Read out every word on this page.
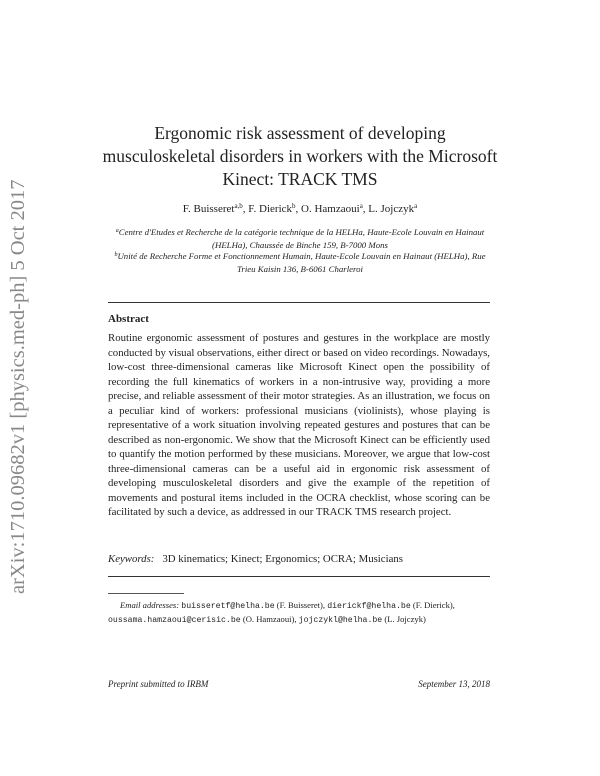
arXiv:1710.09682v1 [physics.med-ph] 5 Oct 2017
Ergonomic risk assessment of developing
musculoskeletal disorders in workers with the Microsoft
Kinect: TRACK TMS
F. Buisseret$^{a,b}$, F. Dierick$^b$, O. Hamzaoui$^a$, L. Jojczyk$^a$
$^a$Centre d'Etudes et Recherche de la catégorie technique de la HELHa, Haute-Ecole Louvain en Hainaut (HELHa), Chaussée de Binche 159, B-7000 Mons
$^b$Unité de Recherche Forme et Fonctionnement Humain, Haute-Ecole Louvain en Hainaut (HELHa), Rue Trieu Kaisin 136, B-6061 Charleroi
Abstract
Routine ergonomic assessment of postures and gestures in the workplace are mostly conducted by visual observations, either direct or based on video recordings. Nowadays, low-cost three-dimensional cameras like Microsoft Kinect open the possibility of recording the full kinematics of workers in a non-intrusive way, providing a more precise, and reliable assessment of their motor strategies. As an illustration, we focus on a peculiar kind of workers: professional musicians (violinists), whose playing is representative of a work situation involving repeated gestures and postures that can be described as non-ergonomic. We show that the Microsoft Kinect can be efficiently used to quantify the motion performed by these musicians. Moreover, we argue that low-cost three-dimensional cameras can be a useful aid in ergonomic risk assessment of developing musculoskeletal disorders and give the example of the repetition of movements and postural items included in the OCRA checklist, whose scoring can be facilitated by such a device, as addressed in our TRACK TMS research project.
Keywords: 3D kinematics; Kinect; Ergonomics; OCRA; Musicians
Email addresses: buisseretf@helha.be (F. Buisseret), dierickf@helha.be (F. Dierick), oussama.hamzaoui@cerisic.be (O. Hamzaoui), jojczykl@helha.be (L. Jojczyk)
Preprint submitted to IRBM	September 13, 2018
